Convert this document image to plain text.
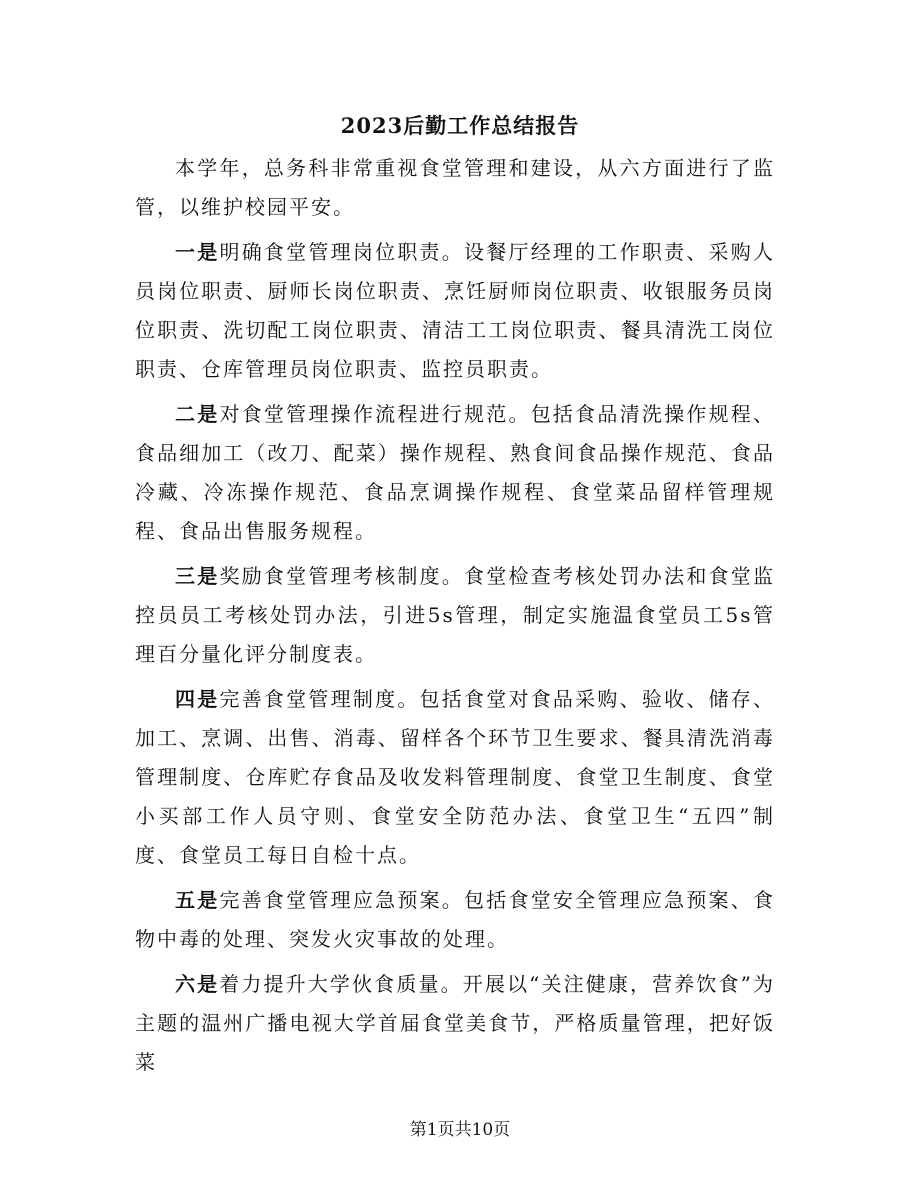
2023后勤工作总结报告

本学年，总务科非常重视食堂管理和建设，从六方面进行了监管，以维护校园平安。

一是明确食堂管理岗位职责。设餐厅经理的工作职责、采购人员岗位职责、厨师长岗位职责、烹饪厨师岗位职责、收银服务员岗位职责、洗切配工岗位职责、清洁工工岗位职责、餐具清洗工岗位职责、仓库管理员岗位职责、监控员职责。

二是对食堂管理操作流程进行规范。包括食品清洗操作规程、食品细加工（改刀、配菜）操作规程、熟食间食品操作规范、食品冷藏、冷冻操作规范、食品烹调操作规程、食堂菜品留样管理规程、食品出售服务规程。

三是奖励食堂管理考核制度。食堂检查考核处罚办法和食堂监控员员工考核处罚办法，引进5s管理，制定实施温食堂员工5s管理百分量化评分制度表。

四是完善食堂管理制度。包括食堂对食品采购、验收、储存、加工、烹调、出售、消毒、留样各个环节卫生要求、餐具清洗消毒管理制度、仓库贮存食品及收发料管理制度、食堂卫生制度、食堂小买部工作人员守则、食堂安全防范办法、食堂卫生“五四”制度、食堂员工每日自检十点。

五是完善食堂管理应急预案。包括食堂安全管理应急预案、食物中毒的处理、突发火灾事故的处理。

六是着力提升大学伙食质量。开展以“关注健康，营养饮食”为主题的温州广播电视大学首届食堂美食节，严格质量管理，把好饭菜

第1页共10页
